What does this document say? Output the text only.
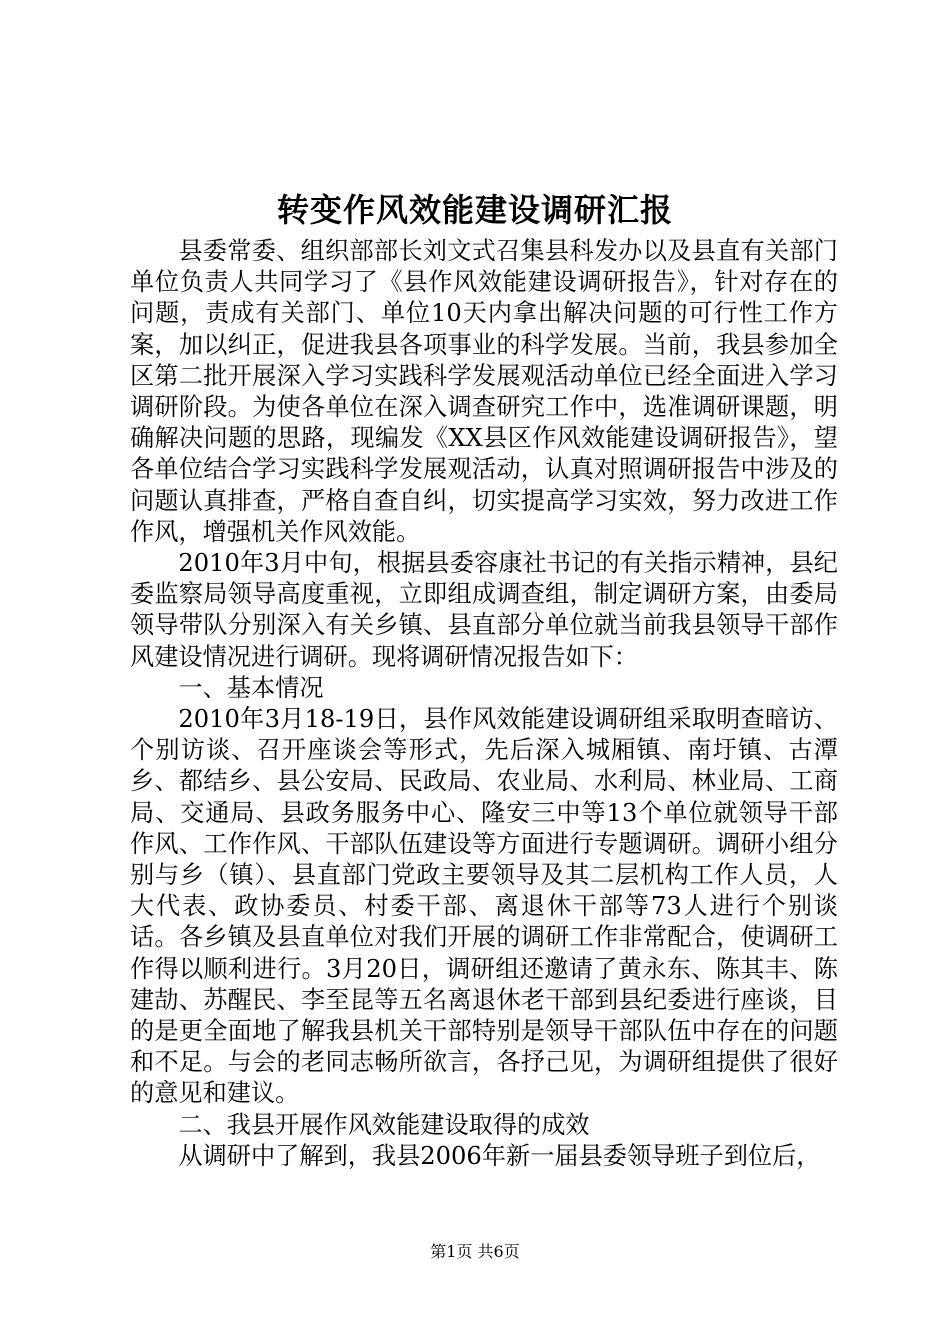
转变作风效能建设调研汇报

县委常委、组织部部长刘文式召集县科发办以及县直有关部门单位负责人共同学习了《县作风效能建设调研报告》，针对存在的问题，责成有关部门、单位10天内拿出解决问题的可行性工作方案，加以纠正，促进我县各项事业的科学发展。当前，我县参加全区第二批开展深入学习实践科学发展观活动单位已经全面进入学习调研阶段。为使各单位在深入调查研究工作中，选准调研课题，明确解决问题的思路，现编发《XX县区作风效能建设调研报告》，望各单位结合学习实践科学发展观活动，认真对照调研报告中涉及的问题认真排查，严格自查自纠，切实提高学习实效，努力改进工作作风，增强机关作风效能。

2010年3月中旬，根据县委容康社书记的有关指示精神，县纪委监察局领导高度重视，立即组成调查组，制定调研方案，由委局领导带队分别深入有关乡镇、县直部分单位就当前我县领导干部作风建设情况进行调研。现将调研情况报告如下：

一、基本情况

2010年3月18-19日，县作风效能建设调研组采取明查暗访、个别访谈、召开座谈会等形式，先后深入城厢镇、南圩镇、古潭乡、都结乡、县公安局、民政局、农业局、水利局、林业局、工商局、交通局、县政务服务中心、隆安三中等13个单位就领导干部作风、工作作风、干部队伍建设等方面进行专题调研。调研小组分别与乡（镇）、县直部门党政主要领导及其二层机构工作人员，人大代表、政协委员、村委干部、离退休干部等73人进行个别谈话。各乡镇及县直单位对我们开展的调研工作非常配合，使调研工作得以顺利进行。3月20日，调研组还邀请了黄永东、陈其丰、陈建劼、苏醒民、李至昆等五名离退休老干部到县纪委进行座谈，目的是更全面地了解我县机关干部特别是领导干部队伍中存在的问题和不足。与会的老同志畅所欲言，各抒己见，为调研组提供了很好的意见和建议。

二、我县开展作风效能建设取得的成效

从调研中了解到，我县2006年新一届县委领导班子到位后，

第1页 共6页
